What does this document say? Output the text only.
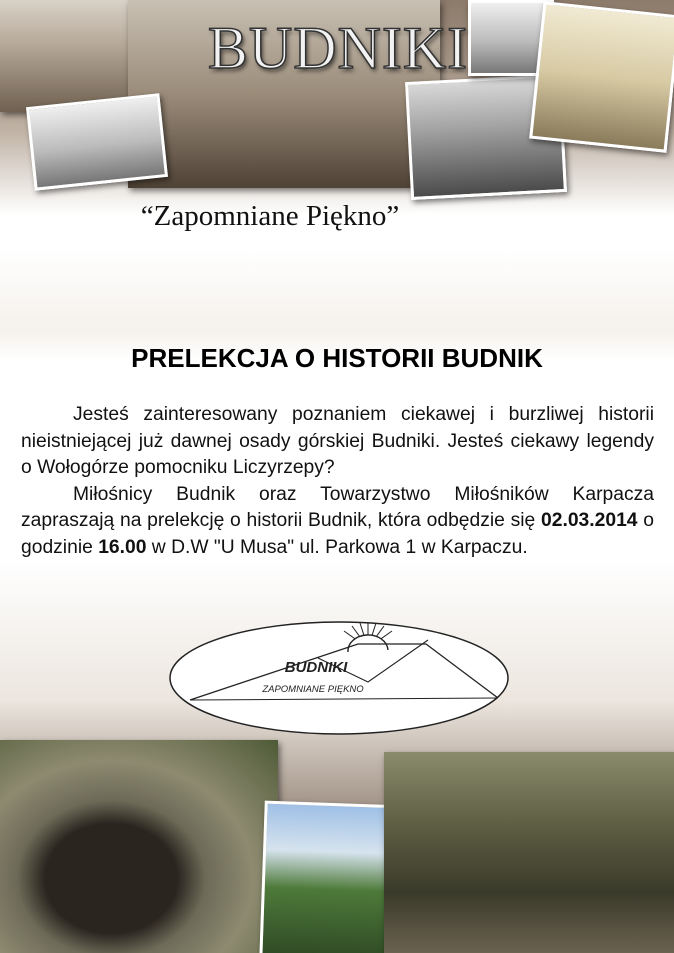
BUDNIKI
“Zapomniane Piękno”
PRELEKCJA O HISTORII BUDNIK

Jesteś zainteresowany poznaniem ciekawej i burzliwej historii nieistniejącej już dawnej osady górskiej Budniki. Jesteś ciekawy legendy o Wołogórze pomocniku Liczyrzepy?

Miłośnicy Budnik oraz Towarzystwo Miłośników Karpacza zapraszają na prelekcję o historii Budnik, która odbędzie się 02.03.2014 o godzinie 16.00 w D.W "U Musa" ul. Parkowa 1 w Karpaczu.

BUDNIKI
ZAPOMNIANE PIĘKNO
